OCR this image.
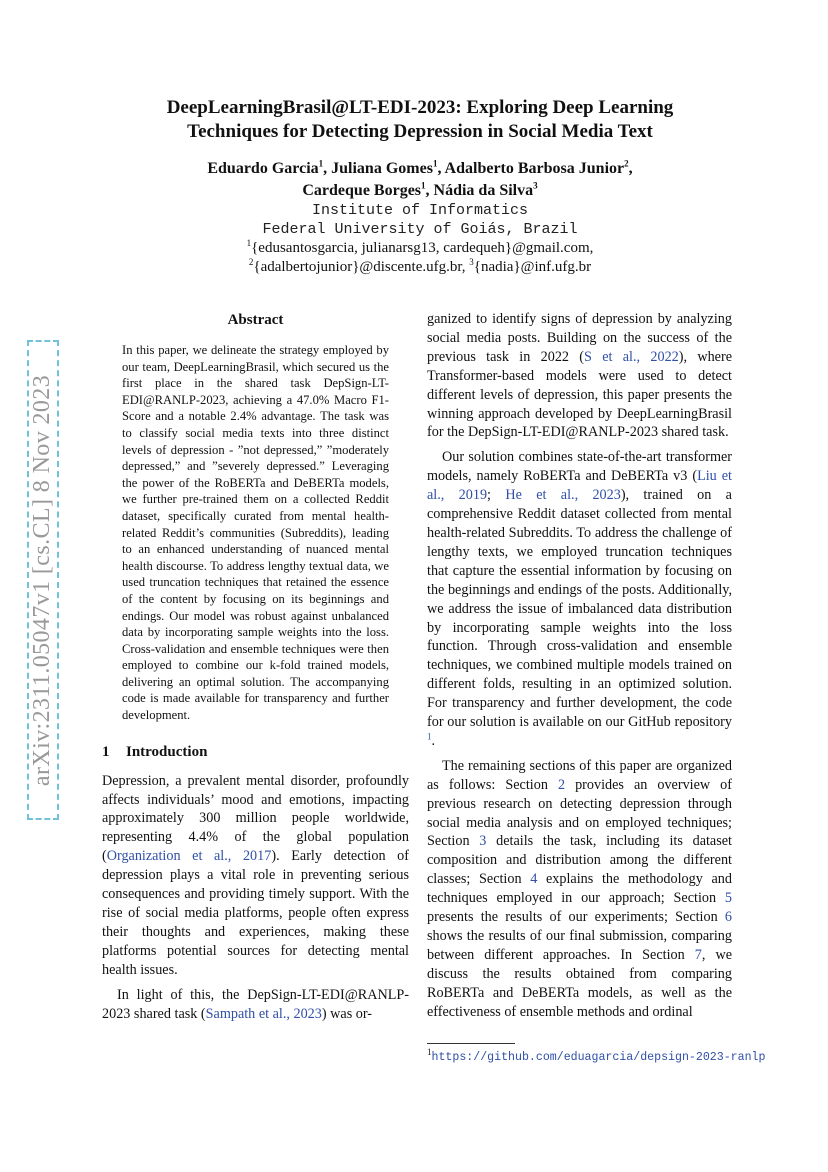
arXiv:2311.05047v1 [cs.CL] 8 Nov 2023
DeepLearningBrasil@LT-EDI-2023: Exploring Deep Learning
Techniques for Detecting Depression in Social Media Text
Eduardo Garcia$^1$, Juliana Gomes$^1$, Adalberto Barbosa Junior$^2$,
Cardeque Borges$^1$, Nádia da Silva$^3$
Institute of Informatics
Federal University of Goiás, Brazil
$^1${edusantosgarcia, julianarsg13, cardequeh}@gmail.com,
$^2${adalbertojunior}@discente.ufg.br, $^3${nadia}@inf.ufg.br
Abstract

In this paper, we delineate the strategy employed by our team, DeepLearningBrasil, which secured us the first place in the shared task DepSign-LT-EDI@RANLP-2023, achieving a 47.0% Macro F1-Score and a notable 2.4% advantage. The task was to classify social media texts into three distinct levels of depression - ”not depressed,” ”moderately depressed,” and ”severely depressed.” Leveraging the power of the RoBERTa and DeBERTa models, we further pre-trained them on a collected Reddit dataset, specifically curated from mental health-related Reddit’s communities (Subreddits), leading to an enhanced understanding of nuanced mental health discourse. To address lengthy textual data, we used truncation techniques that retained the essence of the content by focusing on its beginnings and endings. Our model was robust against unbalanced data by incorporating sample weights into the loss. Cross-validation and ensemble techniques were then employed to combine our k-fold trained models, delivering an optimal solution. The accompanying code is made available for transparency and further development.

1 Introduction

Depression, a prevalent mental disorder, profoundly affects individuals’ mood and emotions, impacting approximately 300 million people worldwide, representing 4.4% of the global population (Organization et al., 2017). Early detection of depression plays a vital role in preventing serious consequences and providing timely support. With the rise of social media platforms, people often express their thoughts and experiences, making these platforms potential sources for detecting mental health issues.

In light of this, the DepSign-LT-EDI@RANLP-2023 shared task (Sampath et al., 2023) was or-

ganized to identify signs of depression by analyzing social media posts. Building on the success of the previous task in 2022 (S et al., 2022), where Transformer-based models were used to detect different levels of depression, this paper presents the winning approach developed by DeepLearningBrasil for the DepSign-LT-EDI@RANLP-2023 shared task.

Our solution combines state-of-the-art transformer models, namely RoBERTa and DeBERTa v3 (Liu et al., 2019; He et al., 2023), trained on a comprehensive Reddit dataset collected from mental health-related Subreddits. To address the challenge of lengthy texts, we employed truncation techniques that capture the essential information by focusing on the beginnings and endings of the posts. Additionally, we address the issue of imbalanced data distribution by incorporating sample weights into the loss function. Through cross-validation and ensemble techniques, we combined multiple models trained on different folds, resulting in an optimized solution. For transparency and further development, the code for our solution is available on our GitHub repository $^1$.

The remaining sections of this paper are organized as follows: Section 2 provides an overview of previous research on detecting depression through social media analysis and on employed techniques; Section 3 details the task, including its dataset composition and distribution among the different classes; Section 4 explains the methodology and techniques employed in our approach; Section 5 presents the results of our experiments; Section 6 shows the results of our final submission, comparing between different approaches. In Section 7, we discuss the results obtained from comparing RoBERTa and DeBERTa models, as well as the effectiveness of ensemble methods and ordinal

$^1$https://github.com/eduagarcia/depsign-2023-ranlp
